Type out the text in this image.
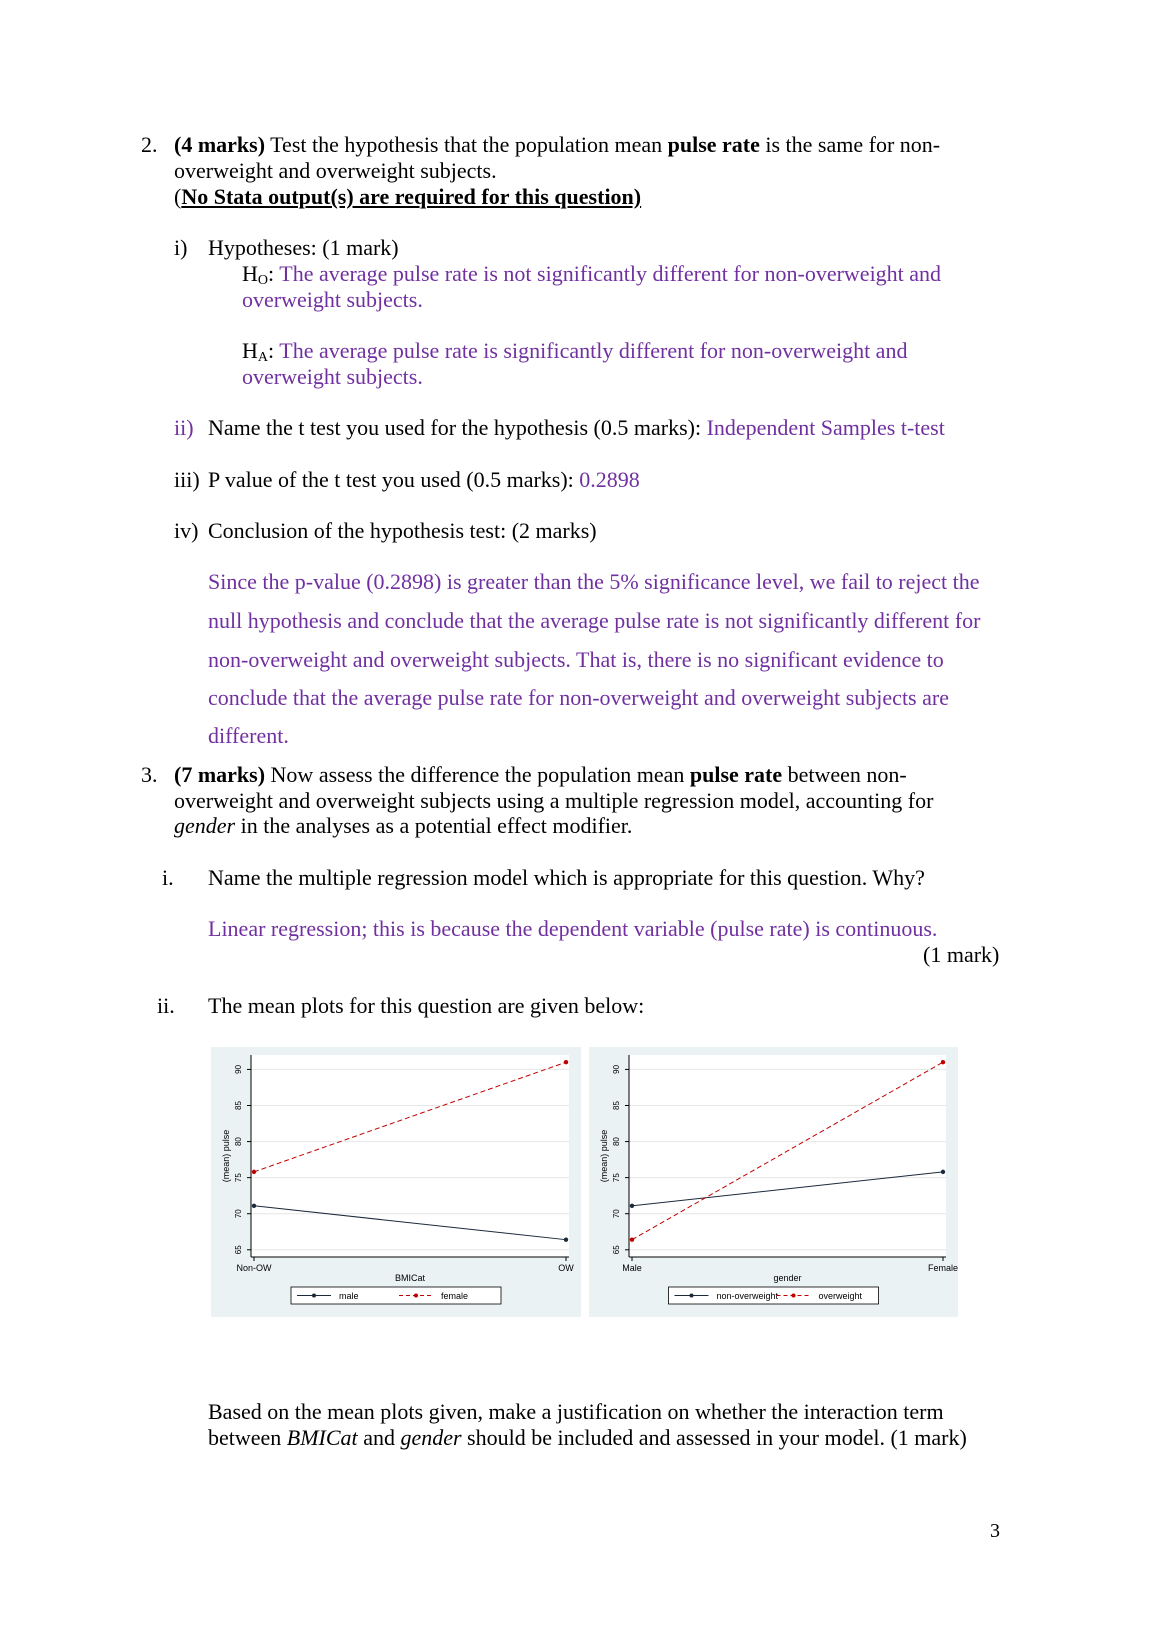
2. (4 marks) Test the hypothesis that the population mean pulse rate is the same for non-
overweight and overweight subjects.
(No Stata output(s) are required for this question)
i) Hypotheses: (1 mark)
$H_O$: The average pulse rate is not significantly different for non-overweight and
overweight subjects.
$H_A$: The average pulse rate is significantly different for non-overweight and
overweight subjects.
ii) Name the t test you used for the hypothesis (0.5 marks): Independent Samples t-test
iii) P value of the t test you used (0.5 marks): 0.2898
iv) Conclusion of the hypothesis test: (2 marks)
Since the p-value (0.2898) is greater than the 5% significance level, we fail to reject the
null hypothesis and conclude that the average pulse rate is not significantly different for
non-overweight and overweight subjects. That is, there is no significant evidence to
conclude that the average pulse rate for non-overweight and overweight subjects are
different.
3. (7 marks) Now assess the difference the population mean pulse rate between non-
overweight and overweight subjects using a multiple regression model, accounting for
gender in the analyses as a potential effect modifier.
i. Name the multiple regression model which is appropriate for this question. Why?
Linear regression; this is because the dependent variable (pulse rate) is continuous.
(1 mark)
ii. The mean plots for this question are given below:
65
70
75
80
85
90
(mean) pulse
Non-OW	OW
BMICat
male	female
65
70
75
80
85
90
(mean) pulse
Male	Female
gender
non-overweight	overweight
Based on the mean plots given, make a justification on whether the interaction term
between BMICat and gender should be included and assessed in your model. (1 mark)
3
